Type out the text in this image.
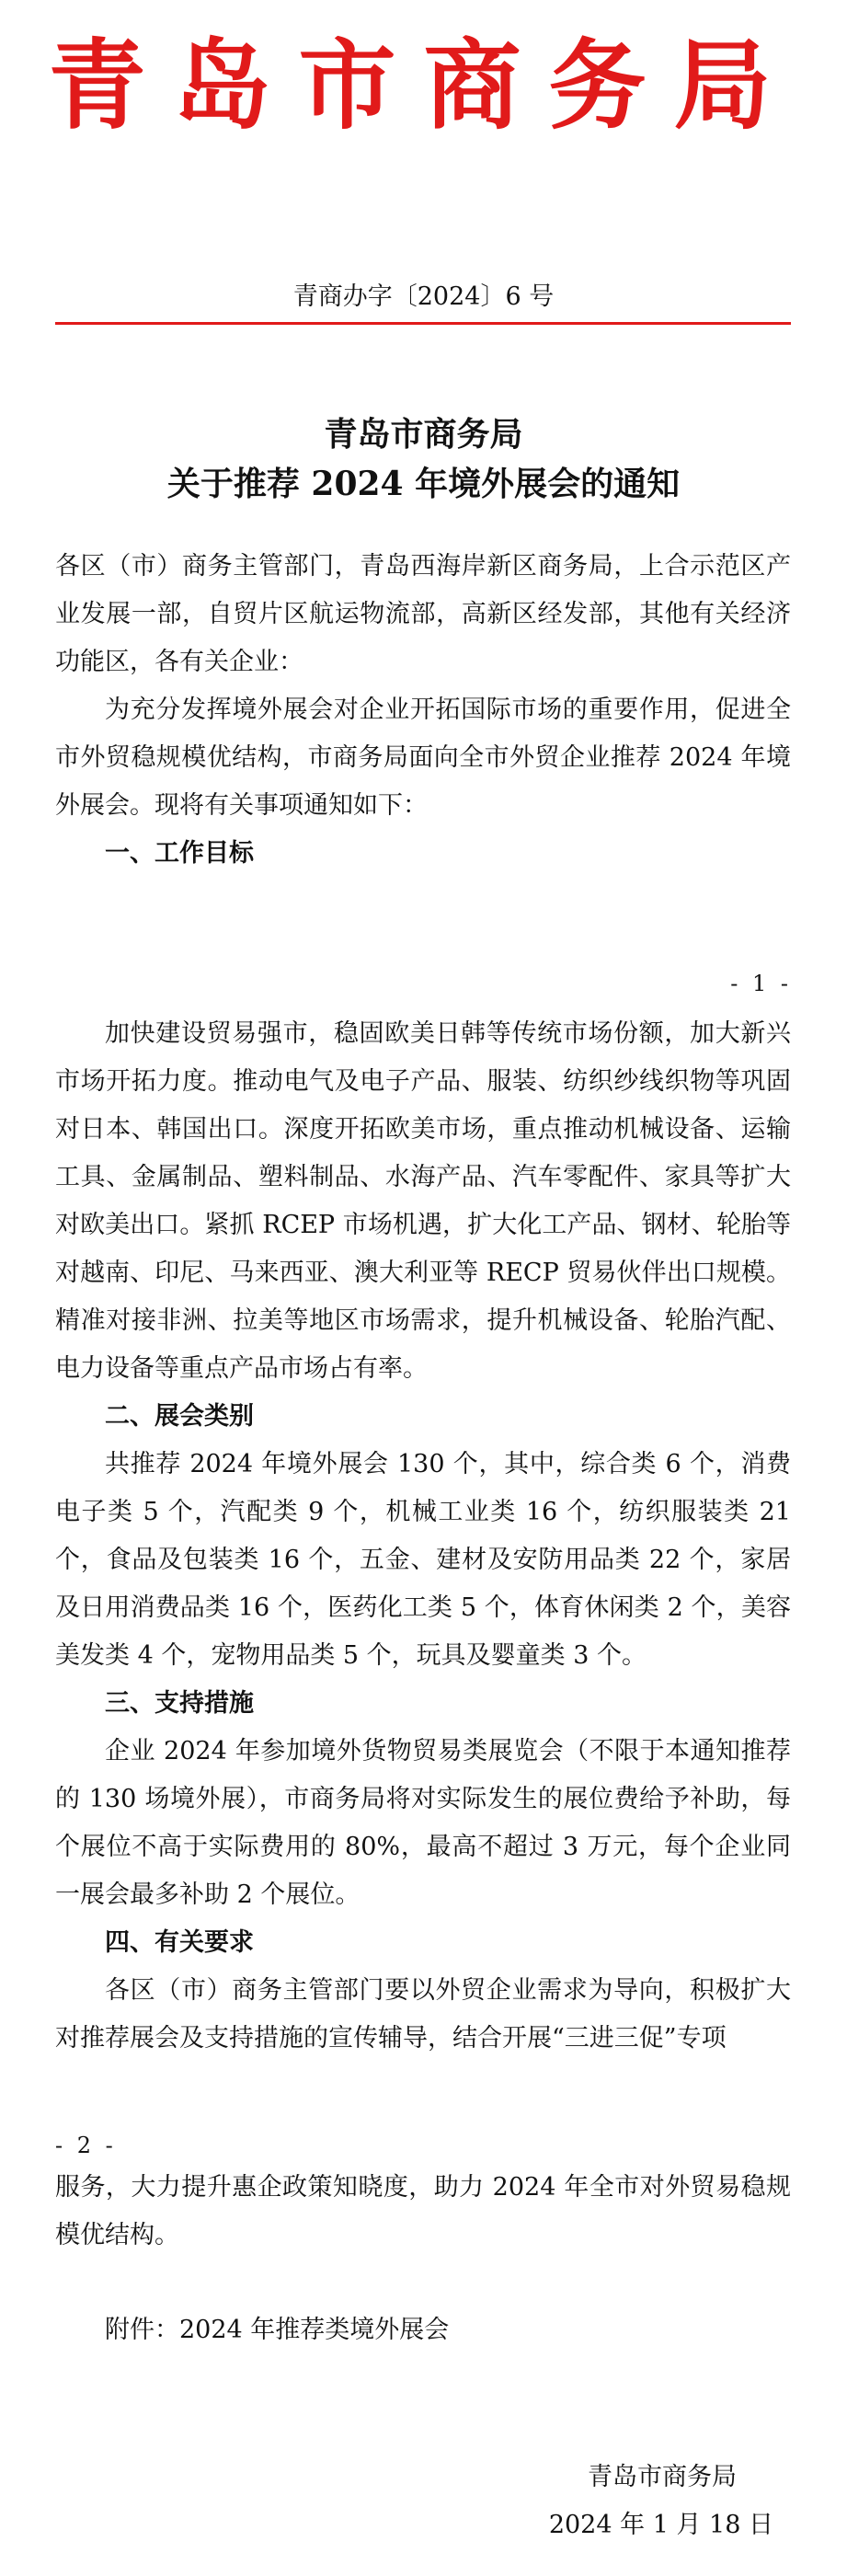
青岛市商务局
青商办字〔2024〕6 号
青岛市商务局
关于推荐 2024 年境外展会的通知

各区（市）商务主管部门，青岛西海岸新区商务局，上合示范区产业发展一部，自贸片区航运物流部，高新区经发部，其他有关经济功能区，各有关企业：

为充分发挥境外展会对企业开拓国际市场的重要作用，促进全市外贸稳规模优结构，市商务局面向全市外贸企业推荐 2024 年境外展会。现将有关事项通知如下：

一、工作目标

- 1 -

加快建设贸易强市，稳固欧美日韩等传统市场份额，加大新兴市场开拓力度。推动电气及电子产品、服装、纺织纱线织物等巩固对日本、韩国出口。深度开拓欧美市场，重点推动机械设备、运输工具、金属制品、塑料制品、水海产品、汽车零配件、家具等扩大对欧美出口。紧抓 RCEP 市场机遇，扩大化工产品、钢材、轮胎等对越南、印尼、马来西亚、澳大利亚等 RECP 贸易伙伴出口规模。精准对接非洲、拉美等地区市场需求，提升机械设备、轮胎汽配、电力设备等重点产品市场占有率。

二、展会类别

共推荐 2024 年境外展会 130 个，其中，综合类 6 个，消费电子类 5 个，汽配类 9 个，机械工业类 16 个，纺织服装类 21 个，食品及包装类 16 个，五金、建材及安防用品类 22 个，家居及日用消费品类 16 个，医药化工类 5 个，体育休闲类 2 个，美容美发类 4 个，宠物用品类 5 个，玩具及婴童类 3 个。

三、支持措施

企业 2024 年参加境外货物贸易类展览会（不限于本通知推荐的 130 场境外展），市商务局将对实际发生的展位费给予补助，每个展位不高于实际费用的 80%，最高不超过 3 万元，每个企业同一展会最多补助 2 个展位。

四、有关要求

各区（市）商务主管部门要以外贸企业需求为导向，积极扩大对推荐展会及支持措施的宣传辅导，结合开展“三进三促”专项

- 2 -

服务，大力提升惠企政策知晓度，助力 2024 年全市对外贸易稳规模优结构。

附件：2024 年推荐类境外展会
青岛市商务局
2024 年 1 月 18 日
